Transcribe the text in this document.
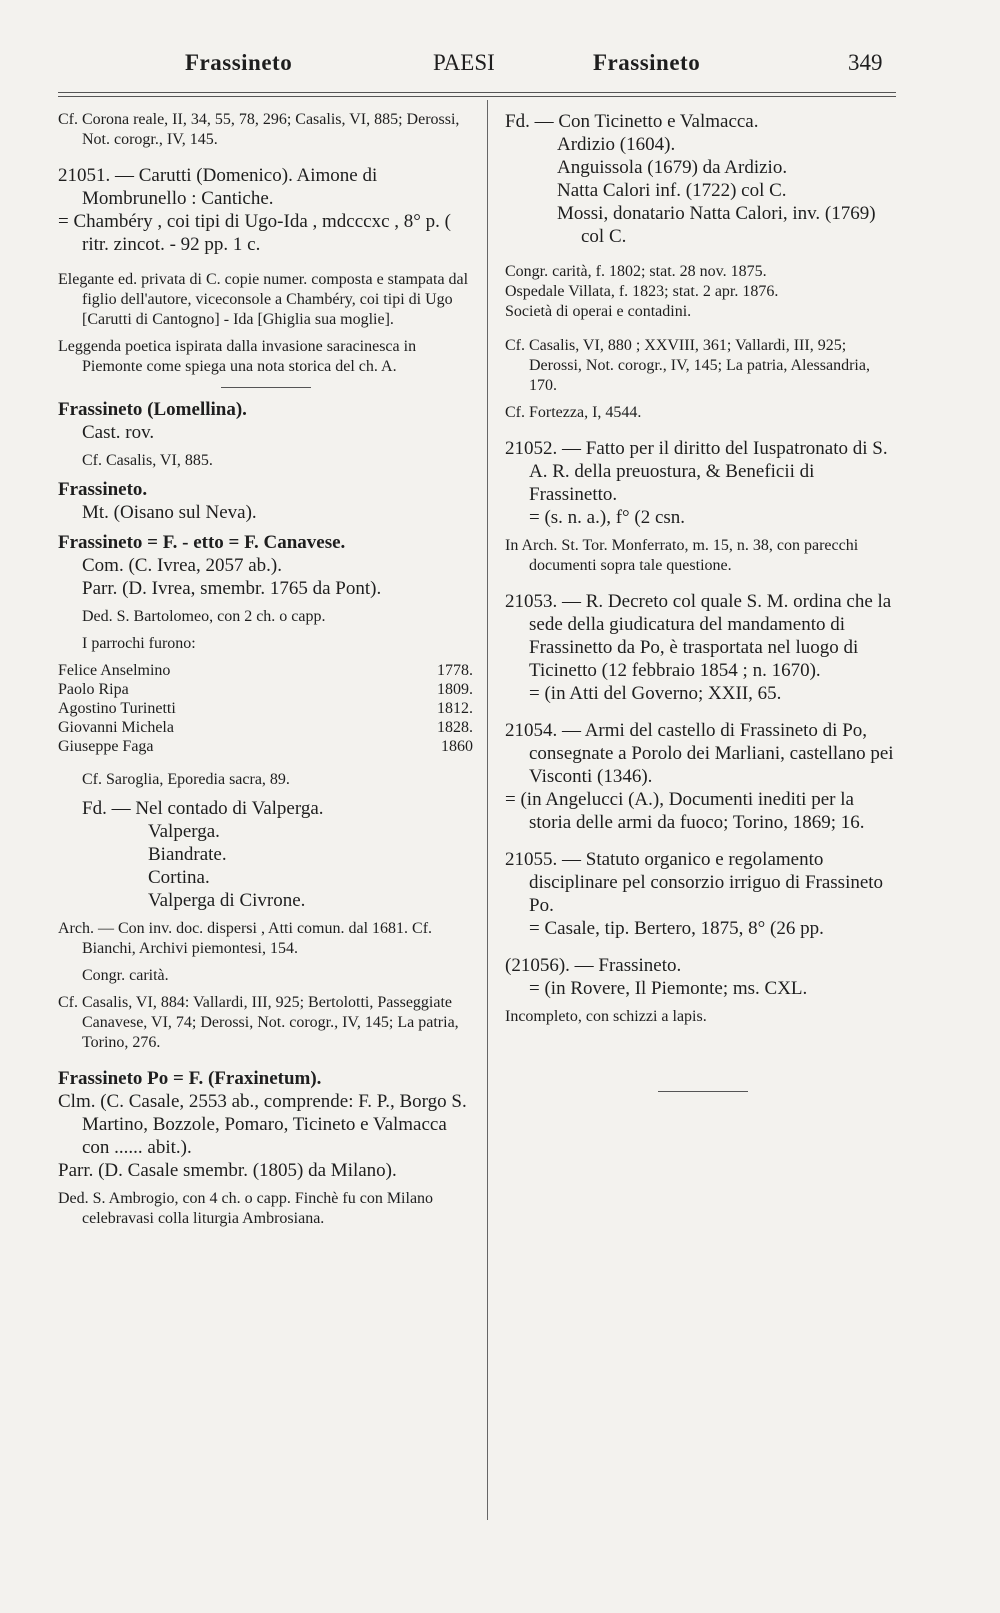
Frassineto	PAESI	Frassineto	349

Cf. Corona reale, II, 34, 55, 78, 296; Casalis, VI, 885; Derossi, Not. corogr., IV, 145.

21051. — Carutti (Domenico). Aimone di Mombrunello : Cantiche.

= Chambéry , coi tipi di Ugo-Ida , mdcccxc , 8° p. ( ritr. zincot. - 92 pp. 1 c.

Elegante ed. privata di C. copie numer. composta e stampata dal figlio dell'autore, viceconsole a Chambéry, coi tipi di Ugo [Carutti di Cantogno] - Ida [Ghiglia sua moglie].

Leggenda poetica ispirata dalla invasione saracinesca in Piemonte come spiega una nota storica del ch. A.

Frassineto (Lomellina).

Cast. rov.

Cf. Casalis, VI, 885.

Frassineto.

Mt. (Oisano sul Neva).

Frassineto = F. - etto = F. Canavese.

Com. (C. Ivrea, 2057 ab.).

Parr. (D. Ivrea, smembr. 1765 da Pont).

Ded. S. Bartolomeo, con 2 ch. o capp.

I parrochi furono:

Felice Anselmino	1778.
Paolo Ripa	1809.
Agostino Turinetti	1812.
Giovanni Michela	1828.
Giuseppe Faga	1860

Cf. Saroglia, Eporedia sacra, 89.

Fd. — Nel contado di Valperga.

Valperga.

Biandrate.

Cortina.

Valperga di Civrone.

Arch. — Con inv. doc. dispersi , Atti comun. dal 1681. Cf. Bianchi, Archivi piemontesi, 154.

Congr. carità.

Cf. Casalis, VI, 884: Vallardi, III, 925; Bertolotti, Passeggiate Canavese, VI, 74; Derossi, Not. corogr., IV, 145; La patria, Torino, 276.

Frassineto Po = F. (Fraxinetum).

Clm. (C. Casale, 2553 ab., comprende: F. P., Borgo S. Martino, Bozzole, Pomaro, Ticineto e Valmacca con ...... abit.).

Parr. (D. Casale smembr. (1805) da Milano).

Ded. S. Ambrogio, con 4 ch. o capp. Finchè fu con Milano celebravasi colla liturgia Ambrosiana.

Fd. — Con Ticinetto e Valmacca.

Ardizio (1604).

Anguissola (1679) da Ardizio.

Natta Calori inf. (1722) col C.

Mossi, donatario Natta Calori, inv. (1769) col C.

Congr. carità, f. 1802; stat. 28 nov. 1875.

Ospedale Villata, f. 1823; stat. 2 apr. 1876.

Società di operai e contadini.

Cf. Casalis, VI, 880 ; XXVIII, 361; Vallardi, III, 925; Derossi, Not. corogr., IV, 145; La patria, Alessandria, 170.

Cf. Fortezza, I, 4544.

21052. — Fatto per il diritto del Iuspatronato di S. A. R. della preuostura, & Beneficii di Frassinetto.

= (s. n. a.), f° (2 csn.

In Arch. St. Tor. Monferrato, m. 15, n. 38, con parecchi documenti sopra tale questione.

21053. — R. Decreto col quale S. M. ordina che la sede della giudicatura del mandamento di Frassinetto da Po, è trasportata nel luogo di Ticinetto (12 febbraio 1854 ; n. 1670).

= (in Atti del Governo; XXII, 65.

21054. — Armi del castello di Frassineto di Po, consegnate a Porolo dei Marliani, castellano pei Visconti (1346).

= (in Angelucci (A.), Documenti inediti per la storia delle armi da fuoco; Torino, 1869; 16.

21055. — Statuto organico e regolamento disciplinare pel consorzio irriguo di Frassineto Po.

= Casale, tip. Bertero, 1875, 8° (26 pp.

(21056). — Frassineto.

= (in Rovere, Il Piemonte; ms. CXL.

Incompleto, con schizzi a lapis.
